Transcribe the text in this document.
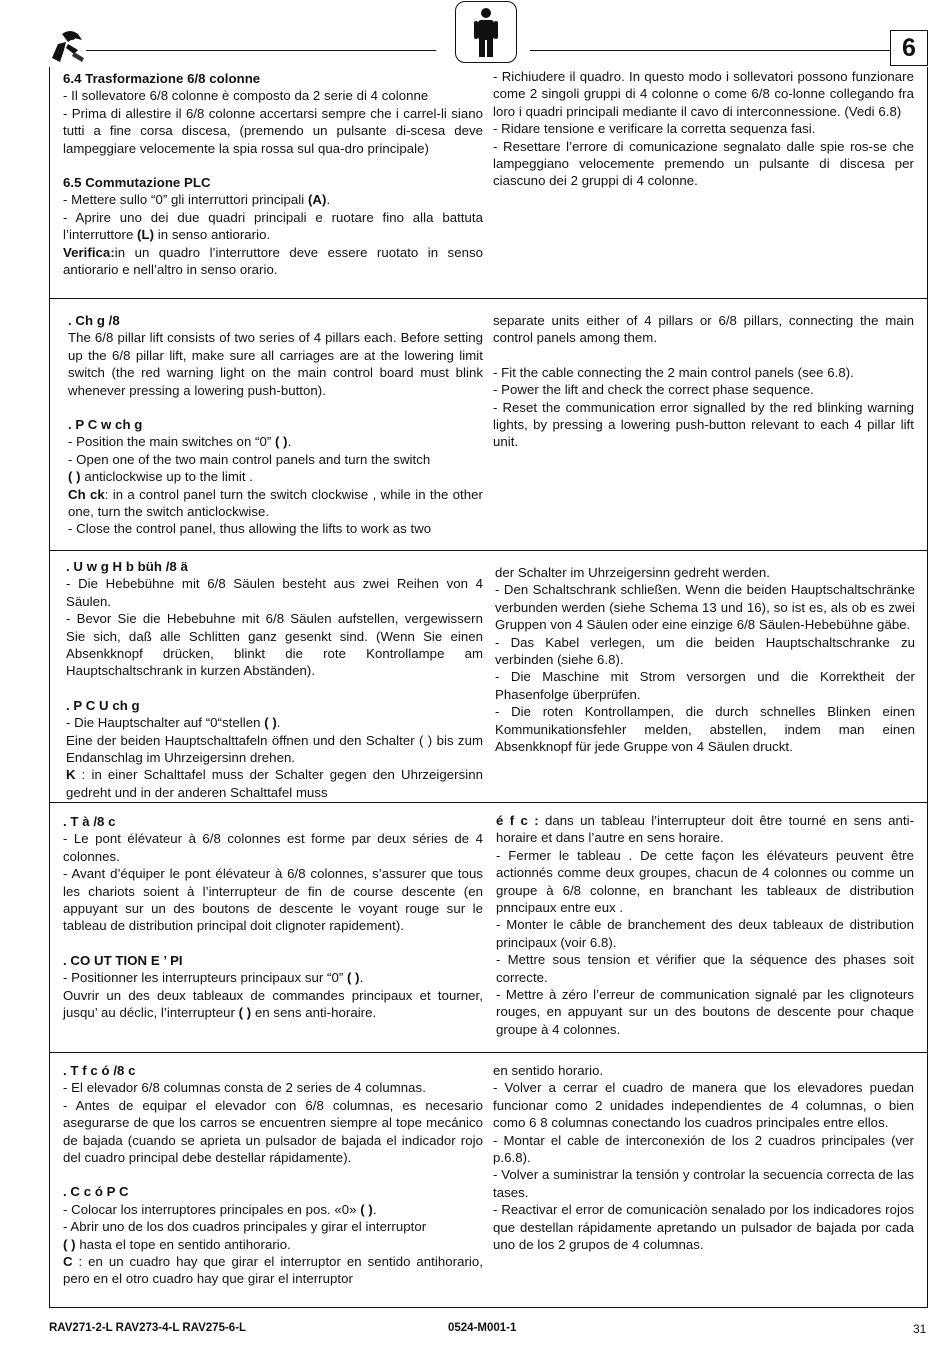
6

6.4 Trasformazione 6/8 colonne

- Il sollevatore 6/8 colonne è composto da 2 serie di 4 colonne

- Prima di allestire il 6/8 colonne accertarsi sempre che i carrel-li siano tutti a fine corsa discesa, (premendo un pulsante di-scesa deve lampeggiare velocemente la spia rossa sul qua-dro principale)

6.5 Commutazione PLC

- Mettere sullo “0” gli interruttori principali (A).

- Aprire uno dei due quadri principali e ruotare fino alla battuta l’interruttore (L) in senso antiorario.

Verifica:in un quadro l’interruttore deve essere ruotato in senso antiorario e nell’altro in senso orario.

- Richiudere il quadro. In questo modo i sollevatori possono funzionare come 2 singoli gruppi di 4 colonne o come 6/8 co-lonne collegando fra loro i quadri principali mediante il cavo di interconnessione. (Vedi 6.8)

- Ridare tensione e verificare la corretta sequenza fasi.

- Resettare l’errore di comunicazione segnalato dalle spie ros-se che lampeggiano velocemente premendo un pulsante di discesa per ciascuno dei 2 gruppi di 4 colonne.

. Ch g /8

The 6/8 pillar lift consists of two series of 4 pillars each. Before setting up the 6/8 pillar lift, make sure all carriages are at the lowering limit switch (the red warning light on the main control board must blink whenever pressing a lowering push-button).

. P C w ch g

- Position the main switches on “0” ( ).

- Open one of the two main control panels and turn the switch

( ) anticlockwise up to the limit .

Ch ck: in a control panel turn the switch clockwise , while in the other one, turn the switch anticlockwise.

- Close the control panel, thus allowing the lifts to work as two

separate units either of 4 pillars or 6/8 pillars, connecting the main control panels among them.

- Fit the cable connecting the 2 main control panels (see 6.8).

- Power the lift and check the correct phase sequence.

- Reset the communication error signalled by the red blinking warning lights, by pressing a lowering push-button relevant to each 4 pillar lift unit.

. U w g H b büh /8 ä

- Die Hebebühne mit 6/8 Säulen besteht aus zwei Reihen von 4 Säulen.

- Bevor Sie die Hebebuhne mit 6/8 Säulen aufstellen, vergewissern Sie sich, daß alle Schlitten ganz gesenkt sind. (Wenn Sie einen Absenkknopf drücken, blinkt die rote Kontrollampe am Hauptschaltschrank in kurzen Abständen).

. P C U ch g

- Die Hauptschalter auf “0“stellen ( ).

Eine der beiden Hauptschalttafeln öffnen und den Schalter ( ) bis zum Endanschlag im Uhrzeigersinn drehen.

K : in einer Schalttafel muss der Schalter gegen den Uhrzeigersinn gedreht und in der anderen Schalttafel muss

der Schalter im Uhrzeigersinn gedreht werden.

- Den Schaltschrank schließen. Wenn die beiden Hauptschaltschränke verbunden werden (siehe Schema 13 und 16), so ist es, als ob es zwei Gruppen von 4 Säulen oder eine einzige 6/8 Säulen-Hebebühne gäbe.

- Das Kabel verlegen, um die beiden Hauptschaltschranke zu verbinden (siehe 6.8).

- Die Maschine mit Strom versorgen und die Korrektheit der Phasenfolge überprüfen.

- Die roten Kontrollampen, die durch schnelles Blinken einen Kommunikationsfehler melden, abstellen, indem man einen Absenkknopf für jede Gruppe von 4 Säulen druckt.

. T à /8 c

- Le pont élévateur à 6/8 colonnes est forme par deux séries de 4 colonnes.

- Avant d’équiper le pont élévateur à 6/8 colonnes, s’assurer que tous les chariots soient à l’interrupteur de fin de course descente (en appuyant sur un des boutons de descente le voyant rouge sur le tableau de distribution principal doit clignoter rapidement).

. CO UT TION E ’ PI

- Positionner les interrupteurs principaux sur “0” ( ).

Ouvrir un des deux tableaux de commandes principaux et tourner, jusqu’ au déclic, l’interrupteur ( ) en sens anti-horaire.

é f c : dans un tableau l’interrupteur doit être tourné en sens anti-horaire et dans l’autre en sens horaire.

- Fermer le tableau . De cette façon les élévateurs peuvent être actionnés comme deux groupes, chacun de 4 colonnes ou comme un groupe à 6/8 colonne, en branchant les tableaux de distribution pnncipaux entre eux .

- Monter le câble de branchement des deux tableaux de distribution principaux (voir 6.8).

- Mettre sous tension et vérifier que la séquence des phases soit correcte.

- Mettre à zéro l’erreur de communication signalé par les clignoteurs rouges, en appuyant sur un des boutons de descente pour chaque groupe à 4 colonnes.

. T f c ó /8 c

- El elevador 6/8 columnas consta de 2 series de 4 columnas.

- Antes de equipar el elevador con 6/8 columnas, es necesario asegurarse de que los carros se encuentren siempre al tope mecánico de bajada (cuando se aprieta un pulsador de bajada el indicador rojo del cuadro principal debe destellar rápidamente).

. C c ó P C

- Colocar los interruptores principales en pos. «0» ( ).

- Abrir uno de los dos cuadros principales y girar el interruptor

( ) hasta el tope en sentido antihorario.

C : en un cuadro hay que girar el interruptor en sentido antihorario, pero en el otro cuadro hay que girar el interruptor

en sentido horario.

- Volver a cerrar el cuadro de manera que los elevadores puedan funcionar como 2 unidades independientes de 4 columnas, o bien como 6 8 columnas conectando los cuadros principales entre ellos.

- Montar el cable de interconexión de los 2 cuadros principales (ver p.6.8).

- Volver a suministrar la tensión y controlar la secuencia correcta de las tases.

- Reactivar el error de comunicaciòn senalado por los indicadores rojos que destellan rápidamente apretando un pulsador de bajada por cada uno de los 2 grupos de 4 columnas.

RAV271-2-L RAV273-4-L RAV275-6-L	0524-M001-1	31
